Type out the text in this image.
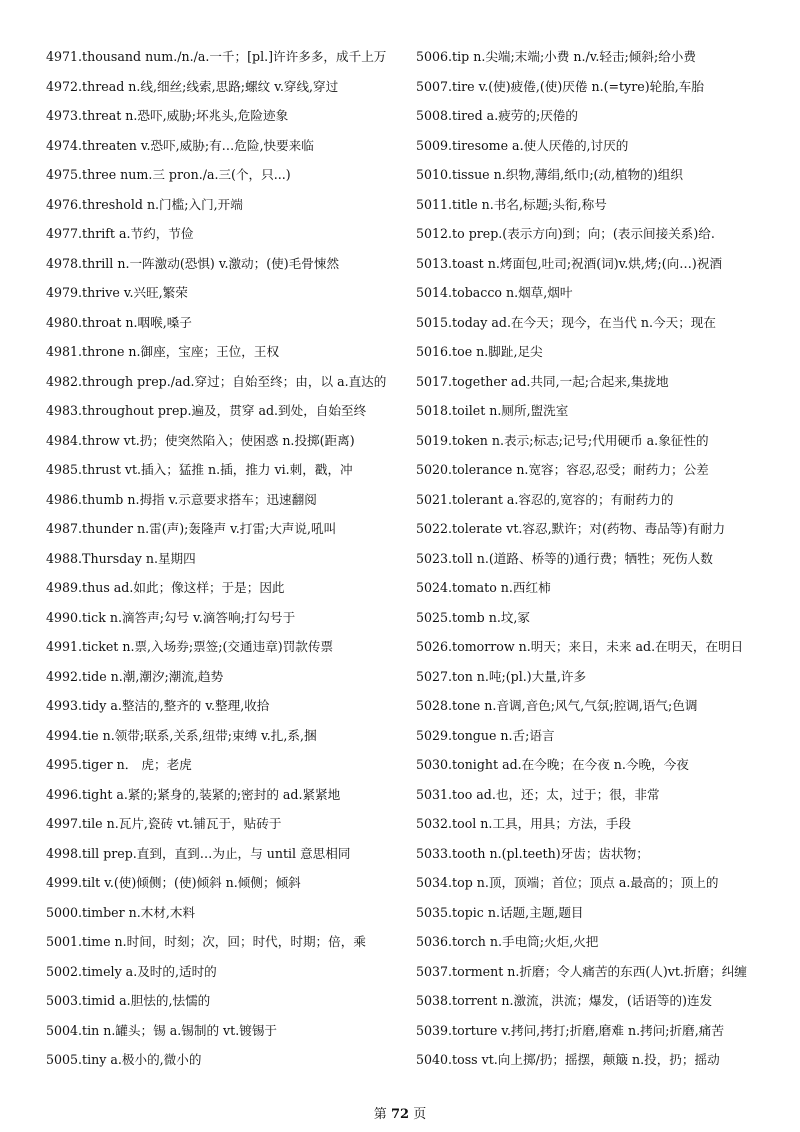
4971.thousand num./n./a.一千；[pl.]许许多多，成千上万
4972.thread n.线,细丝;线索,思路;螺纹 v.穿线,穿过
4973.threat n.恐吓,威胁;坏兆头,危险迹象
4974.threaten v.恐吓,威胁;有…危险,快要来临
4975.three num.三 pron./a.三(个，只...)
4976.threshold n.门槛;入门,开端
4977.thrift a.节约，节俭
4978.thrill n.一阵激动(恐惧) v.激动；(使)毛骨悚然
4979.thrive v.兴旺,繁荣
4980.throat n.咽喉,嗓子
4981.throne n.御座，宝座；王位，王权
4982.through prep./ad.穿过；自始至终；由，以 a.直达的
4983.throughout prep.遍及，贯穿 ad.到处，自始至终
4984.throw vt.扔；使突然陷入；使困惑 n.投掷(距离)
4985.thrust vt.插入；猛推 n.插，推力 vi.刺，戳，冲
4986.thumb n.拇指 v.示意要求搭车；迅速翻阅
4987.thunder n.雷(声);轰隆声 v.打雷;大声说,吼叫
4988.Thursday n.星期四
4989.thus ad.如此；像这样；于是；因此
4990.tick n.滴答声;勾号 v.滴答响;打勾号于
4991.ticket n.票,入场券;票签;(交通违章)罚款传票
4992.tide n.潮,潮汐;潮流,趋势
4993.tidy a.整洁的,整齐的 v.整理,收拾
4994.tie n.领带;联系,关系,纽带;束缚 v.扎,系,捆
4995.tiger n． 虎；老虎
4996.tight a.紧的;紧身的,装紧的;密封的 ad.紧紧地
4997.tile n.瓦片,瓷砖 vt.铺瓦于，贴砖于
4998.till prep.直到，直到…为止，与 until 意思相同
4999.tilt v.(使)倾侧；(使)倾斜 n.倾侧；倾斜
5000.timber n.木材,木料
5001.time n.时间，时刻；次，回；时代，时期；倍，乘
5002.timely a.及时的,适时的
5003.timid a.胆怯的,怯懦的
5004.tin n.罐头；锡 a.锡制的 vt.镀锡于
5005.tiny a.极小的,微小的
5006.tip n.尖端;末端;小费 n./v.轻击;倾斜;给小费
5007.tire v.(使)疲倦,(使)厌倦 n.(=tyre)轮胎,车胎
5008.tired a.疲劳的;厌倦的
5009.tiresome a.使人厌倦的,讨厌的
5010.tissue n.织物,薄绢,纸巾;(动,植物的)组织
5011.title n.书名,标题;头衔,称号
5012.to prep.(表示方向)到；向；(表示间接关系)给.
5013.toast n.烤面包,吐司;祝酒(词)v.烘,烤;(向…)祝酒
5014.tobacco n.烟草,烟叶
5015.today ad.在今天；现今，在当代 n.今天；现在
5016.toe n.脚趾,足尖
5017.together ad.共同,一起;合起来,集拢地
5018.toilet n.厕所,盥洗室
5019.token n.表示;标志;记号;代用硬币 a.象征性的
5020.tolerance n.宽容；容忍,忍受；耐药力；公差
5021.tolerant a.容忍的,宽容的；有耐药力的
5022.tolerate vt.容忍,默许；对(药物、毒品等)有耐力
5023.toll n.(道路、桥等的)通行费；牺牲；死伤人数
5024.tomato n.西红柿
5025.tomb n.坟,冢
5026.tomorrow n.明天；来日，未来 ad.在明天，在明日
5027.ton n.吨;(pl.)大量,许多
5028.tone n.音调,音色;风气,气氛;腔调,语气;色调
5029.tongue n.舌;语言
5030.tonight ad.在今晚；在今夜 n.今晚，今夜
5031.too ad.也，还；太，过于；很，非常
5032.tool n.工具，用具；方法，手段
5033.tooth n.(pl.teeth)牙齿；齿状物；
5034.top n.顶，顶端；首位；顶点 a.最高的；顶上的
5035.topic n.话题,主题,题目
5036.torch n.手电筒;火炬,火把
5037.torment n.折磨；令人痛苦的东西(人)vt.折磨；纠缠
5038.torrent n.激流，洪流；爆发，(话语等的)连发
5039.torture v.拷问,拷打;折磨,磨难 n.拷问;折磨,痛苦
5040.toss vt.向上掷/扔；摇摆，颠簸 n.投，扔；摇动
第 72 页
